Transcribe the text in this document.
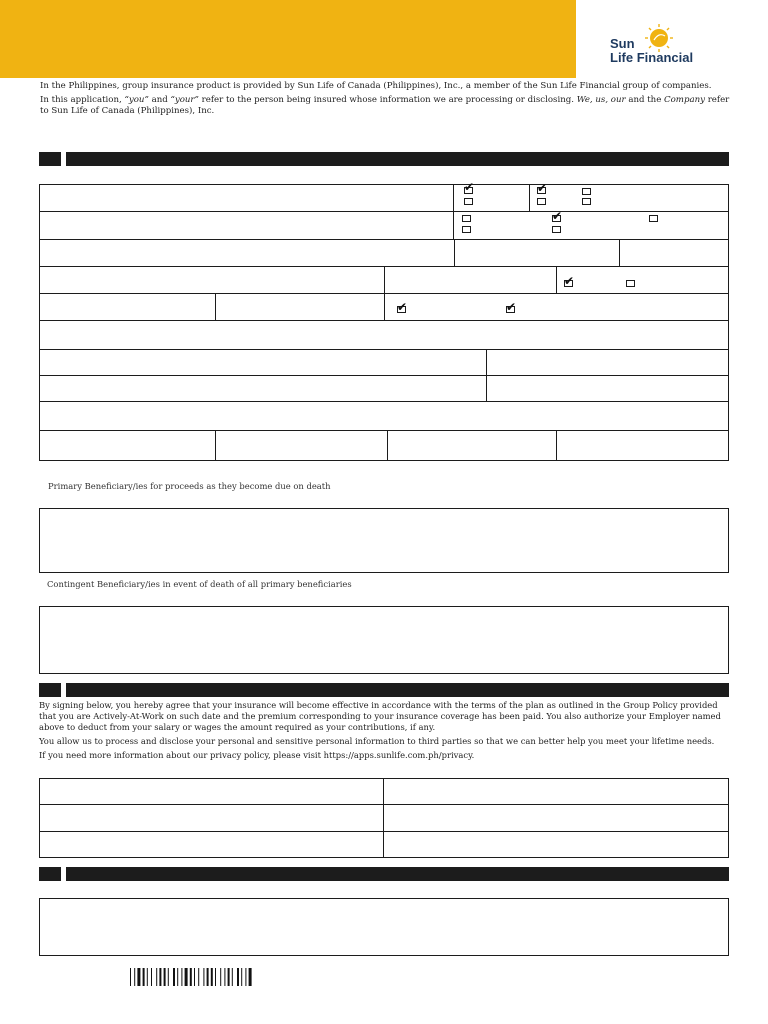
Sun
Life Financial

In the Philippines, group insurance product is provided by Sun Life of Canada (Philippines), Inc., a member of the Sun Life Financial group of companies.

In this application, “you” and “your” refer to the person being insured whose information we are processing or disclosing. We, us, our and the Company refer to Sun Life of Canada (Philippines), Inc.

✔	✔
✔
✔
✔	✔
Primary Beneficiary/ies for proceeds as they become due on death
Contingent Beneficiary/ies in event of death of all primary beneficiaries

By signing below, you hereby agree that your insurance will become effective in accordance with the terms of the plan as outlined in the Group Policy provided that you are Actively-At-Work on such date and the premium corresponding to your insurance coverage has been paid. You also authorize your Employer named above to deduct from your salary or wages the amount required as your contributions, if any.

You allow us to process and disclose your personal and sensitive personal information to third parties so that we can better help you meet your lifetime needs.

If you need more information about our privacy policy, please visit https://apps.sunlife.com.ph/privacy.
